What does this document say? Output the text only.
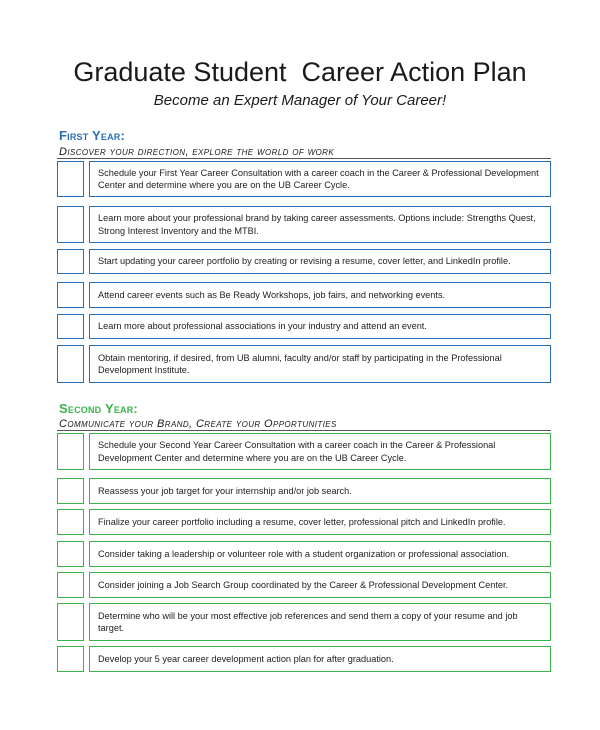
Graduate Student  Career Action Plan
Become an Expert Manager of Your Career!
First Year:
Discover your direction, explore the world of work
Schedule your First Year Career Consultation with a career coach in the Career & Professional Development Center and determine where you are on the UB Career Cycle.
Learn more about your professional brand by taking career assessments. Options include: Strengths Quest, Strong Interest Inventory and the MTBI.
Start updating your career portfolio by creating or revising a resume, cover letter, and LinkedIn profile.
Attend career events such as Be Ready Workshops, job fairs, and networking events.
Learn more about professional associations in your industry and attend an event.
Obtain mentoring, if desired, from UB alumni, faculty and/or staff by participating in the Professional Development Institute.
Second Year:
Communicate your Brand, Create your Opportunities
Schedule your Second Year Career Consultation with a career coach in the Career & Professional Development Center and determine where you are on the UB Career Cycle.
Reassess your job target for your internship and/or job search.
Finalize your career portfolio including a resume, cover letter, professional pitch and LinkedIn profile.
Consider taking a leadership or volunteer role with a student organization or professional association.
Consider joining a Job Search Group coordinated by the Career & Professional Development Center.
Determine who will be your most effective job references and send them a copy of your resume and job target.
Develop your 5 year career development action plan for after graduation.
